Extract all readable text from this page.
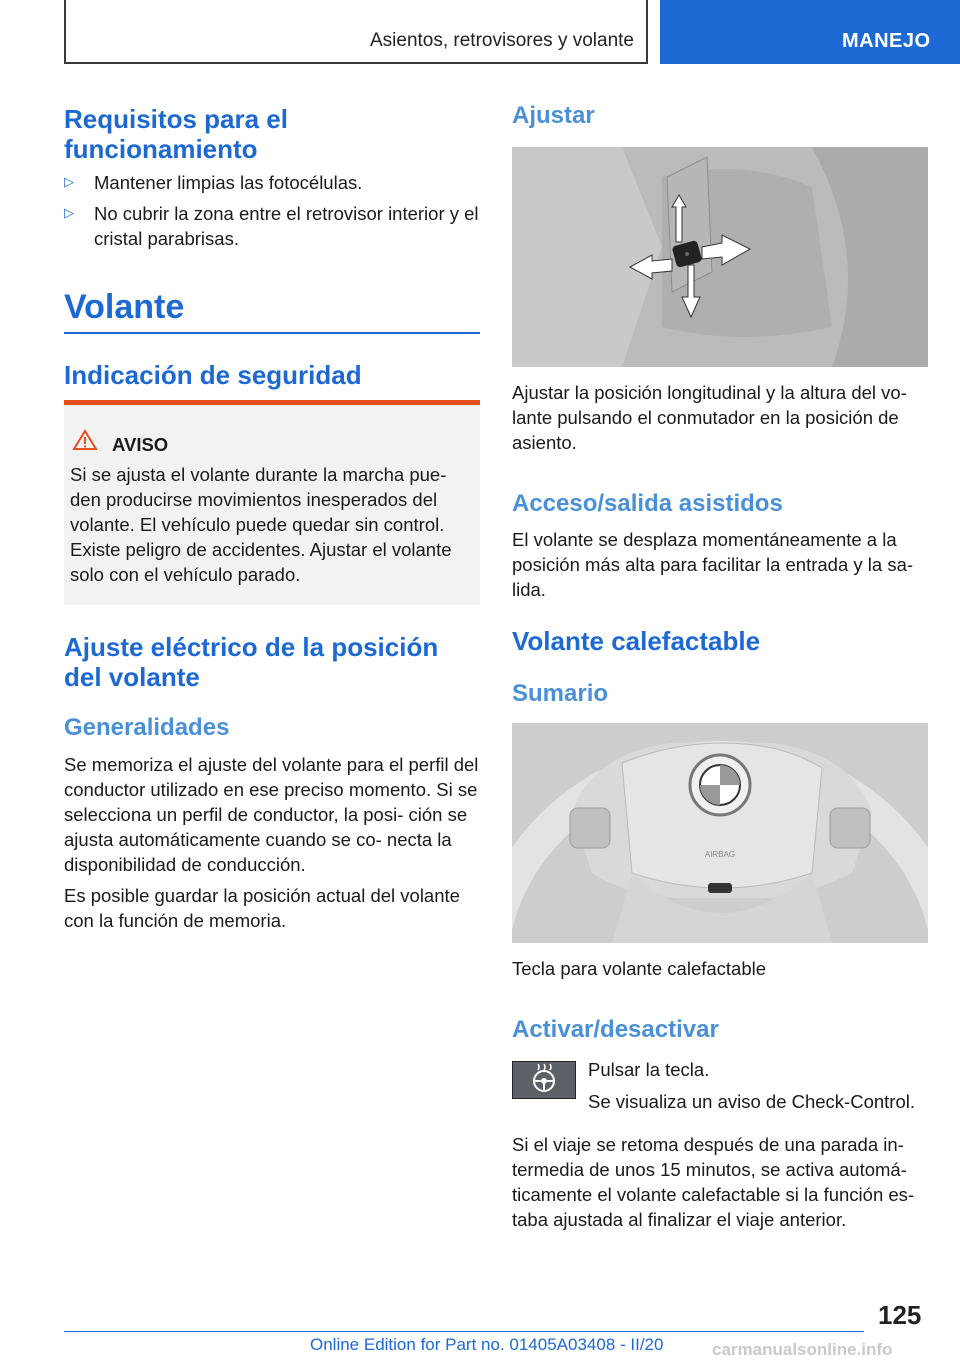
Asientos, retrovisores y volante	MANEJO
Requisitos para el funcionamiento
▷ Mantener limpias las fotocélulas.

▷ No cubrir la zona entre el retrovisor interior y el cristal parabrisas.

Volante
Indicación de seguridad
AVISO

Si se ajusta el volante durante la marcha pue- den producirse movimientos inesperados del volante. El vehículo puede quedar sin control. Existe peligro de accidentes. Ajustar el volante solo con el vehículo parado.

Ajuste eléctrico de la posición del volante
Generalidades

Se memoriza el ajuste del volante para el perfil del conductor utilizado en ese preciso momento. Si se selecciona un perfil de conductor, la posi- ción se ajusta automáticamente cuando se co- necta la disponibilidad de conducción.

Es posible guardar la posición actual del volante con la función de memoria.

Ajustar

Ajustar la posición longitudinal y la altura del vo- lante pulsando el conmutador en la posición de asiento.

Acceso/salida asistidos

El volante se desplaza momentáneamente a la posición más alta para facilitar la entrada y la sa- lida.

Volante calefactable
Sumario
AIRBAG

Tecla para volante calefactable

Activar/desactivar

Pulsar la tecla.

Se visualiza un aviso de Check-Control.

Si el viaje se retoma después de una parada in- termedia de unos 15 minutos, se activa automá- ticamente el volante calefactable si la función es- taba ajustada al finalizar el viaje anterior.

125
Online Edition for Part no. 01405A03408 - II/20	carmanualsonline.info
